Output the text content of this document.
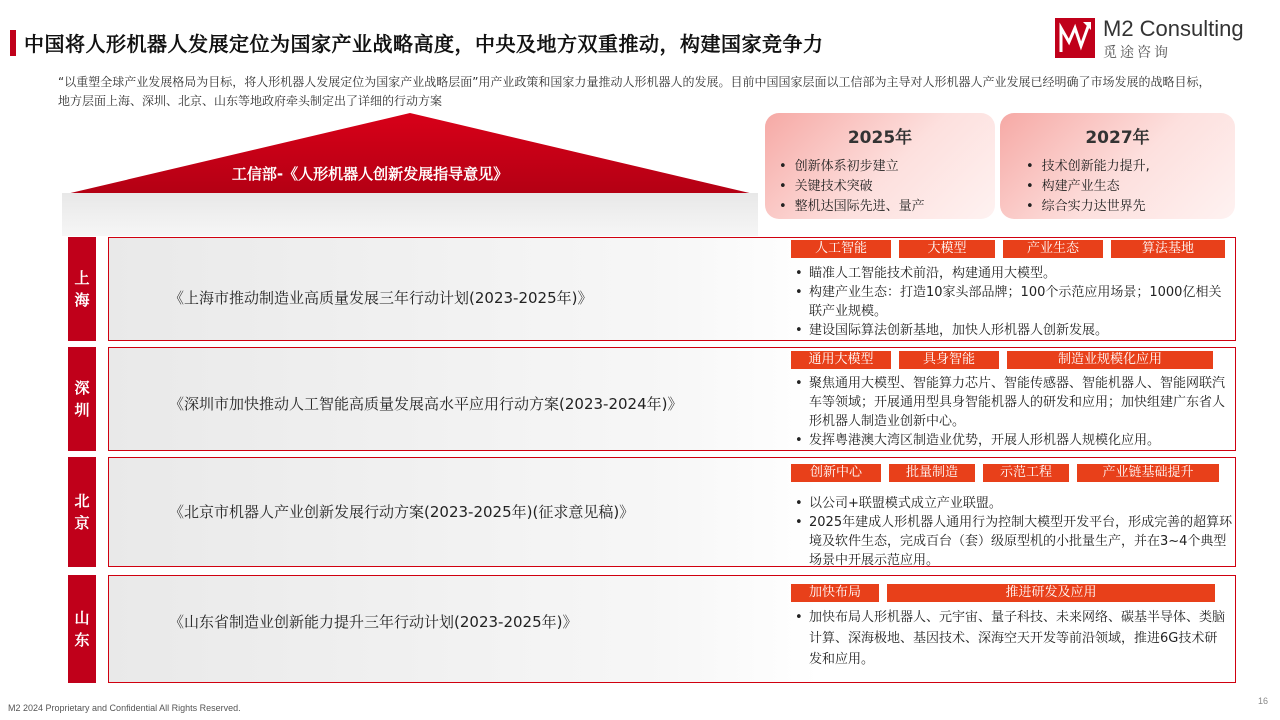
中国将人形机器人发展定位为国家产业战略高度，中央及地方双重推动，构建国家竞争力
M2 Consulting
觅途咨询
“以重塑全球产业发展格局为目标，将人形机器人发展定位为国家产业战略层面”用产业政策和国家力量推动人形机器人的发展。目前中国国家层面以工信部为主导对人形机器人产业发展已经明确了市场发展的战略目标，地方层面上海、深圳、北京、山东等地政府牵头制定出了详细的行动方案
工信部-《人形机器人创新发展指导意见》
2025年
• 创新体系初步建立
• 关键技术突破
• 整机达国际先进、量产
2027年
• 技术创新能力提升,
• 构建产业生态
• 综合实力达世界先
上
海	《上海市推动制造业高质量发展三年行动计划(2023-2025年)》
人工智能	大模型	产业生态	算法基地
• 瞄准人工智能技术前沿，构建通用大模型。
• 构建产业生态：打造10家头部品牌；100个示范应用场景；1000亿相关联产业规模。
• 建设国际算法创新基地，加快人形机器人创新发展。
深
圳	《深圳市加快推动人工智能高质量发展高水平应用行动方案(2023-2024年)》
通用大模型	具身智能	制造业规模化应用
• 聚焦通用大模型、智能算力芯片、智能传感器、智能机器人、智能网联汽车等领域；开展通用型具身智能机器人的研发和应用；加快组建广东省人形机器人制造业创新中心。
• 发挥粤港澳大湾区制造业优势，开展人形机器人规模化应用。
北
京
《北京市机器人产业创新发展行动方案(2023-2025年)(征求意见稿)》
创新中心	批量制造	示范工程	产业链基础提升
• 以公司+联盟模式成立产业联盟。
• 2025年建成人形机器人通用行为控制大模型开发平台，形成完善的超算环境及软件生态，完成百台（套）级原型机的小批量生产，并在3~4个典型场景中开展示范应用。
山
东
《山东省制造业创新能力提升三年行动计划(2023-2025年)》
加快布局	推进研发及应用
• 加快布局人形机器人、元宇宙、量子科技、未来网络、碳基半导体、类脑计算、深海极地、基因技术、深海空天开发等前沿领域，推进6G技术研发和应用。
M2 2024 Proprietary and Confidential All Rights Reserved.
16
